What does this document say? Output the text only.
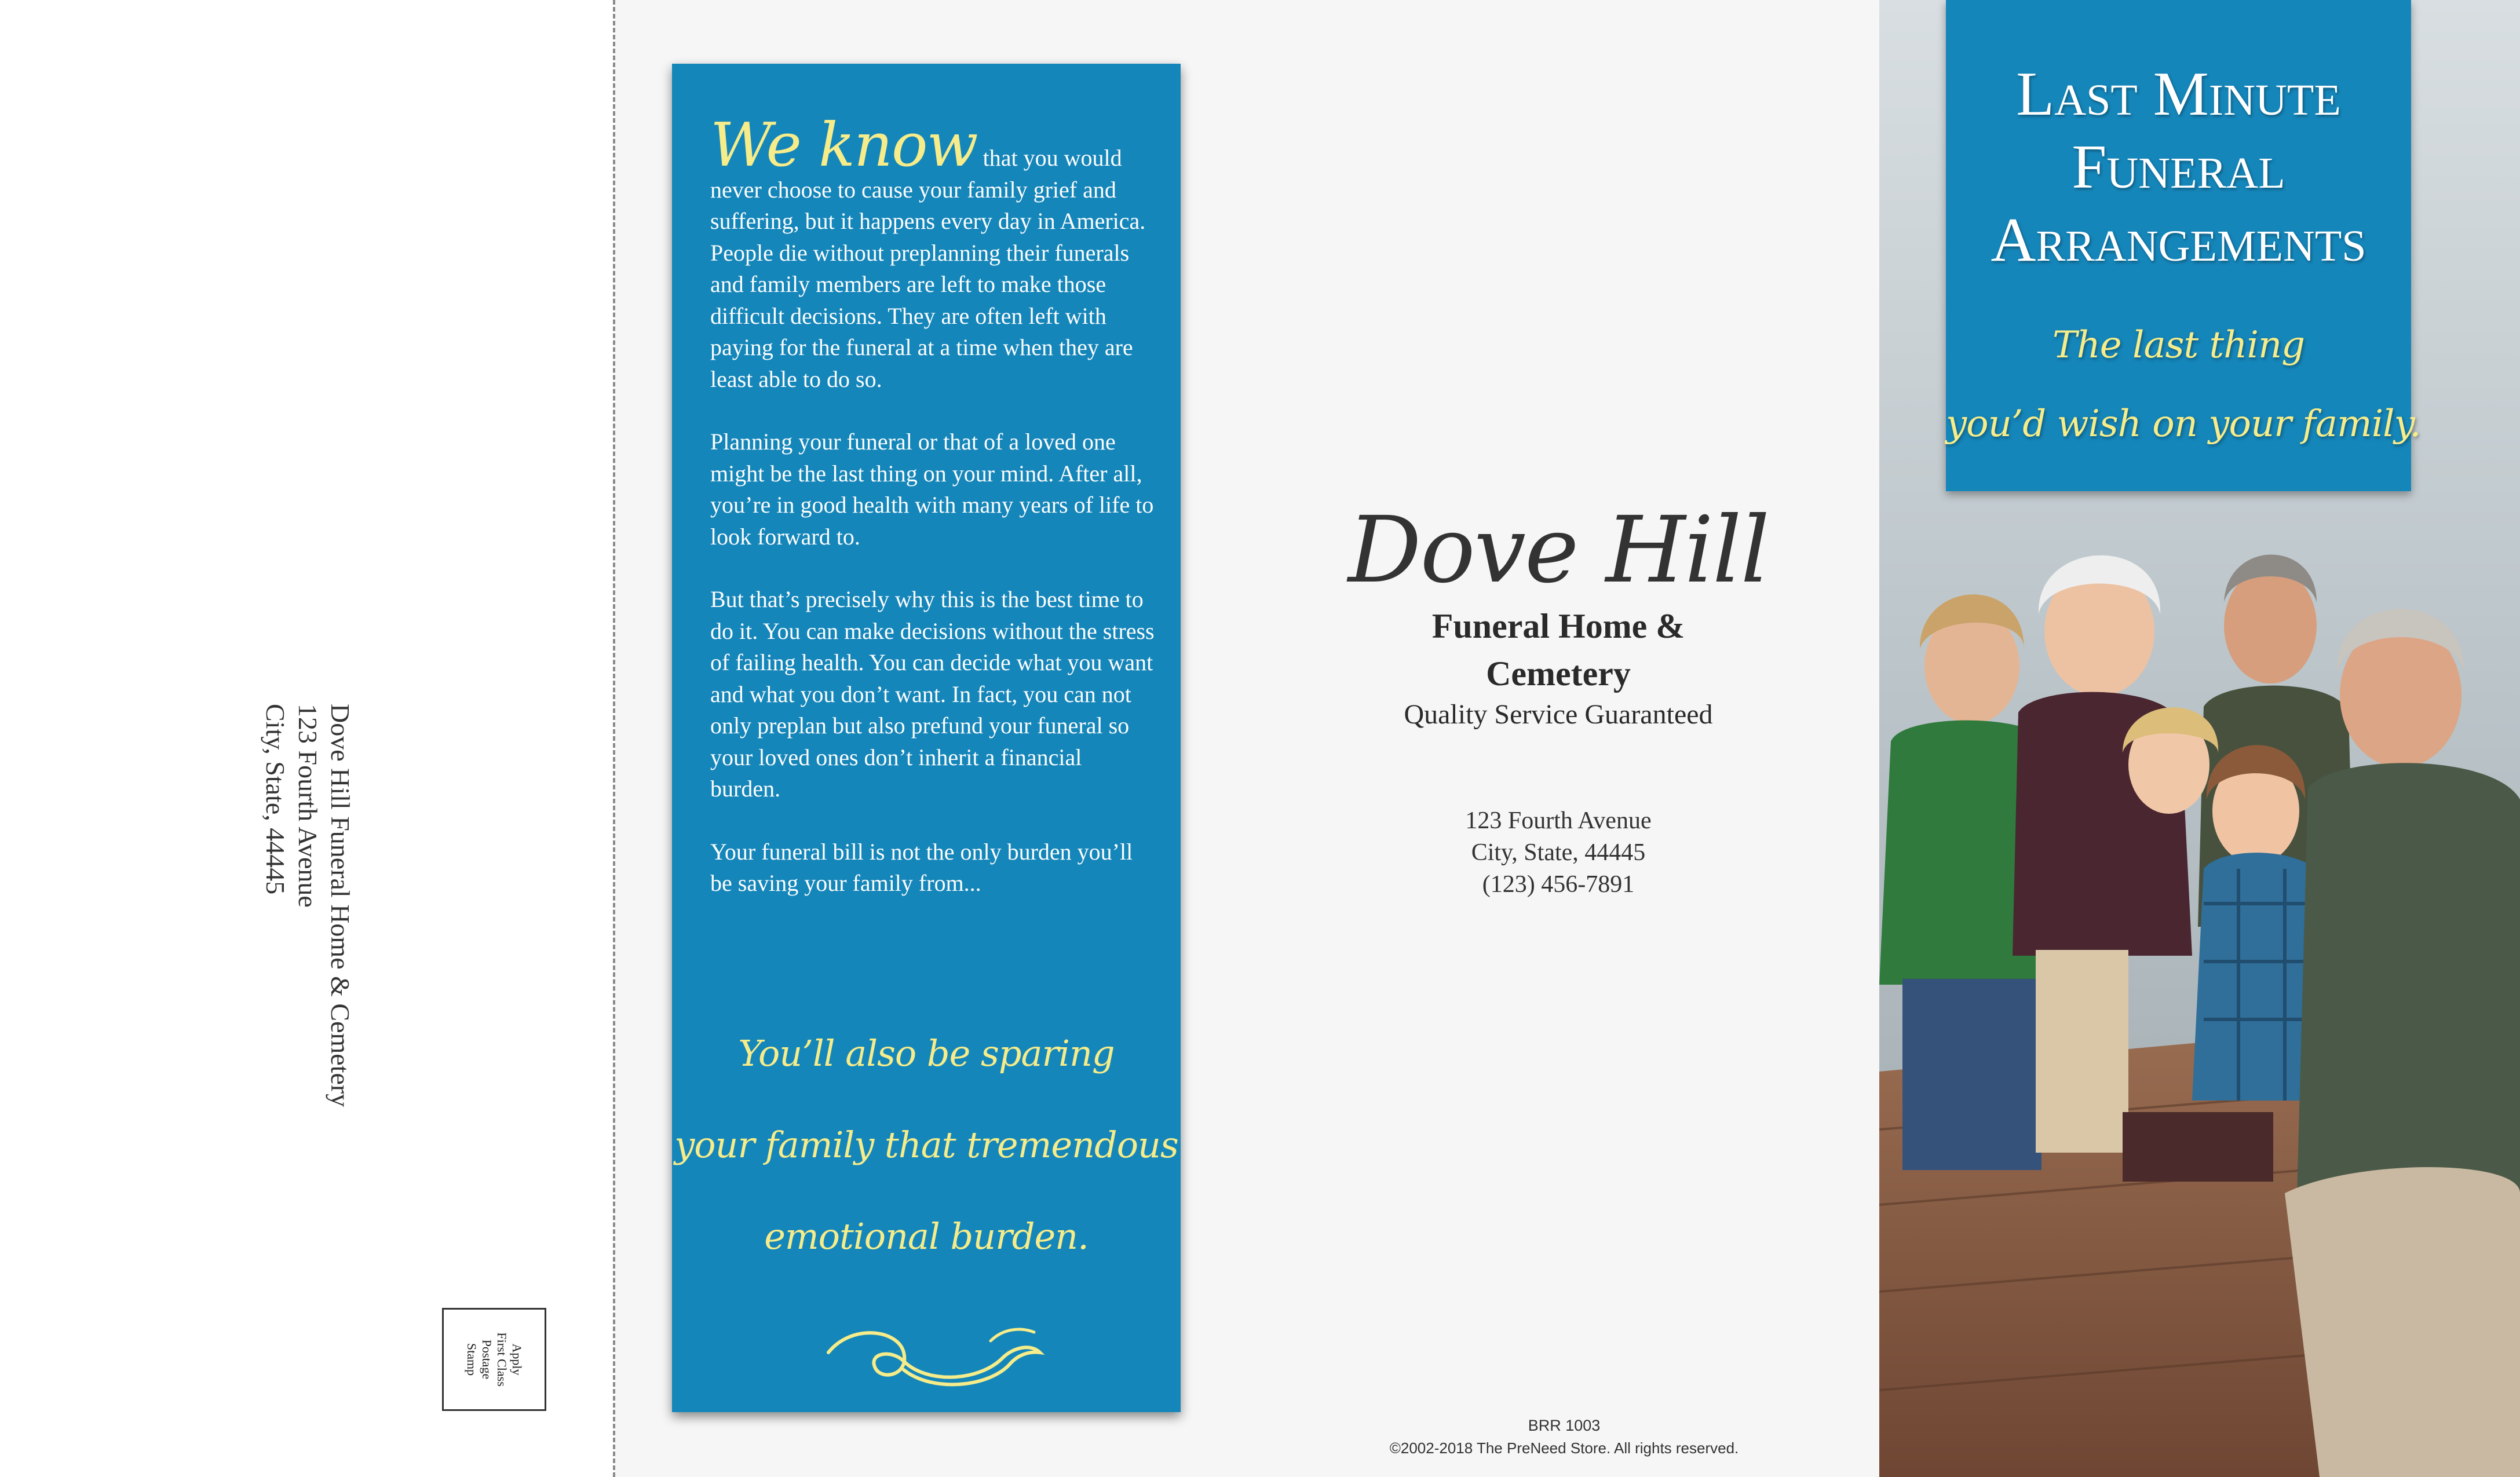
Dove Hill Funeral Home & Cemetery
123 Fourth Avenue
City, State, 44445
Apply
First Class
Postage
Stamp

We know that you would never choose to cause your family grief and suffering, but it happens every day in America. People die without preplanning their funerals and family members are left to make those difficult decisions. They are often left with paying for the funeral at a time when they are least able to do so.

Planning your funeral or that of a loved one might be the last thing on your mind. After all, you’re in good health with many years of life to look forward to.

But that’s precisely why this is the best time to do it. You can make decisions without the stress of failing health. You can decide what you want and what you don’t want. In fact, you can not only preplan but also prefund your funeral so your loved ones don’t inherit a financial burden.

Your funeral bill is not the only burden you’ll be saving your family from...

You’ll also be sparing
your family that tremendous
emotional burden.
Dove Hill
Funeral Home &
Cemetery
Quality Service Guaranteed
123 Fourth Avenue
City, State, 44445
(123) 456-7891
BRR 1003
©2002-2018 The PreNeed Store. All rights reserved.
Last Minute
Funeral
Arrangements
The last thing
you’d wish on your family.
